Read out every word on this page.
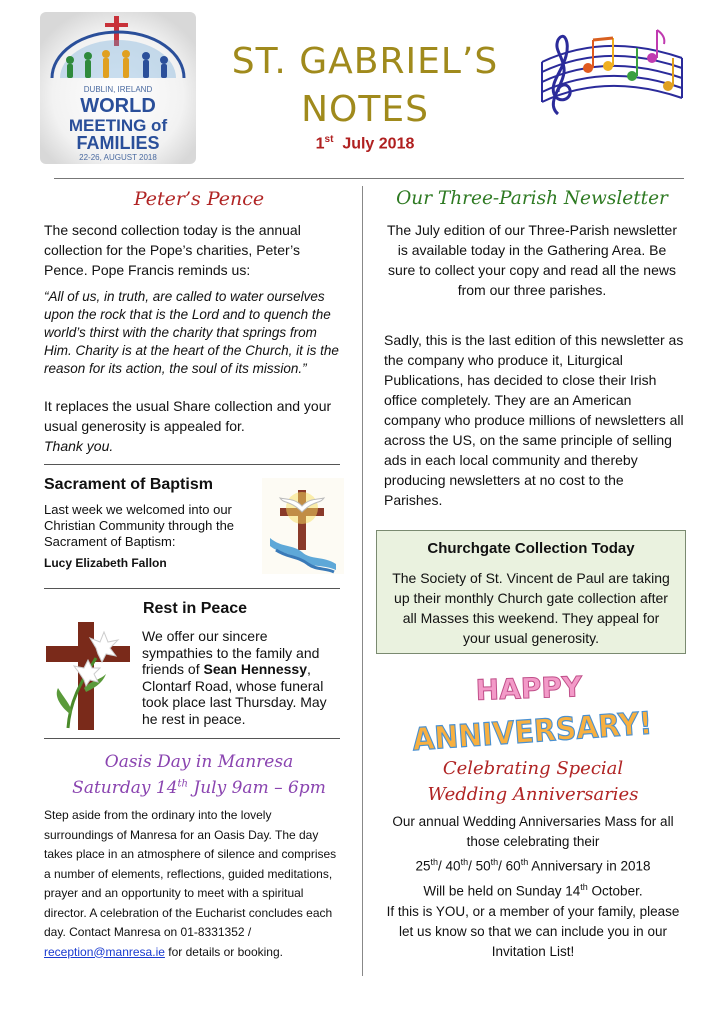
DUBLIN, IRELAND
WORLD
MEETING of
FAMILIES
22-26, AUGUST 2018
ST. GABRIEL’S
NOTES
1st July 2018
Peter’s Pence
The second collection today is the annual collection for the Pope’s charities, Peter’s Pence. Pope Francis reminds us:
“All of us, in truth, are called to water ourselves upon the rock that is the Lord and to quench the world’s thirst with the charity that springs from Him. Charity is at the heart of the Church, it is the reason for its action, the soul of its mission.”
It replaces the usual Share collection and your usual generosity is appealed for.
Thank you.
Sacrament of Baptism
Last week we welcomed into our Christian Community through the Sacrament of Baptism:
Lucy Elizabeth Fallon
Rest in Peace
We offer our sincere sympathies to the family and friends of Sean Hennessy, Clontarf Road, whose funeral took place last Thursday. May he rest in peace.
Oasis Day in Manresa
Saturday 14th July 9am – 6pm
Step aside from the ordinary into the lovely surroundings of Manresa for an Oasis Day. The day takes place in an atmosphere of silence and comprises a number of elements, reflections, guided meditations, prayer and an opportunity to meet with a spiritual director. A celebration of the Eucharist concludes each day. Contact Manresa on 01-8331352 / reception@manresa.ie for details or booking.
Our Three-Parish Newsletter
The July edition of our Three-Parish newsletter is available today in the Gathering Area. Be sure to collect your copy and read all the news from our three parishes.
Sadly, this is the last edition of this newsletter as the company who produce it, Liturgical Publications, has decided to close their Irish office completely. They are an American company who produce millions of newsletters all across the US, on the same principle of selling ads in each local community and thereby producing newsletters at no cost to the Parishes.
Churchgate Collection Today
The Society of St. Vincent de Paul are taking up their monthly Church gate collection after all Masses this weekend. They appeal for your usual generosity.
HAPPY
ANNIVERSARY!
Celebrating Special
Wedding Anniversaries
Our annual Wedding Anniversaries Mass for all those celebrating their
25th/ 40th/ 50th/ 60th Anniversary in 2018
Will be held on Sunday 14th October.
If this is YOU, or a member of your family, please let us know so that we can include you in our Invitation List!
